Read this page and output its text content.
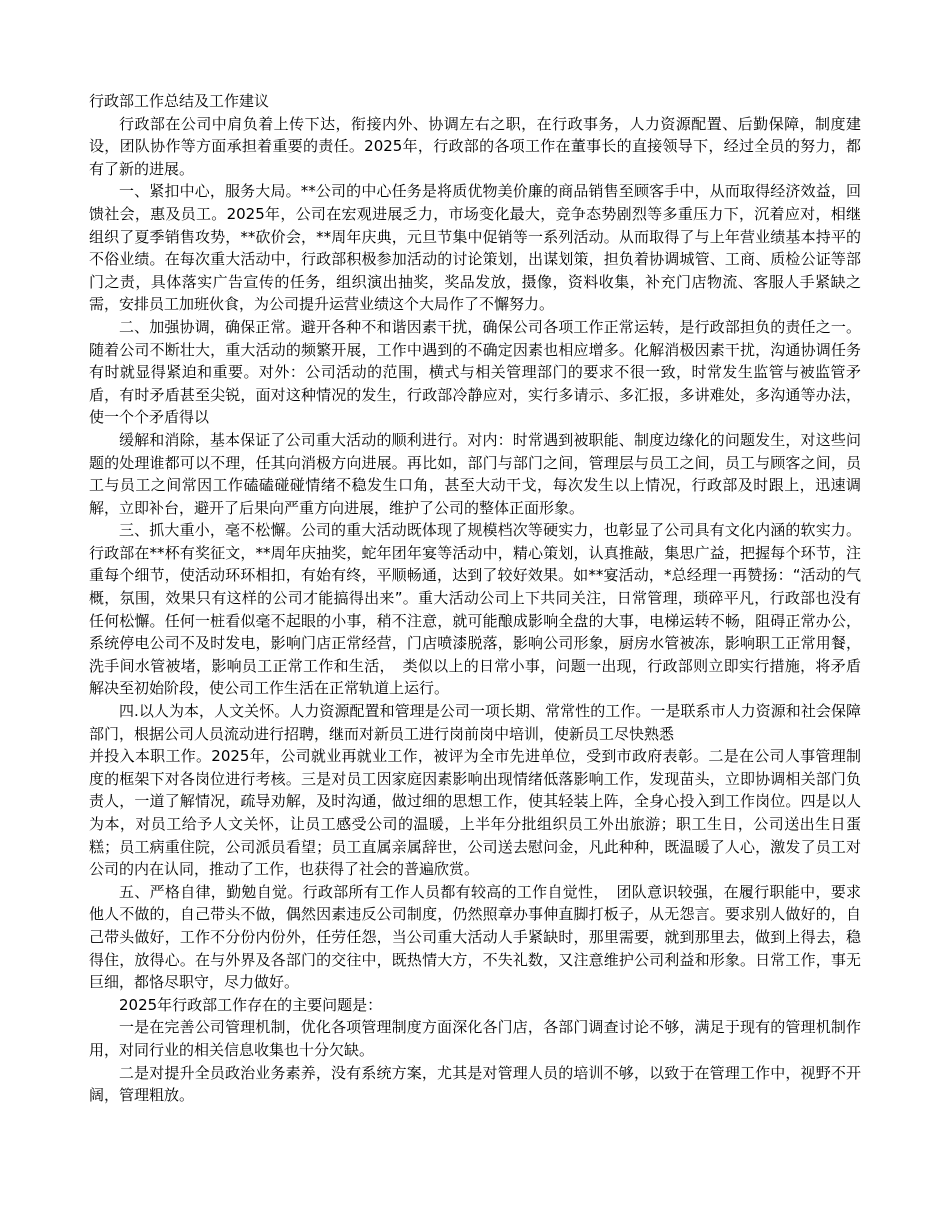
行政部工作总结及工作建议

行政部在公司中肩负着上传下达，衔接内外、协调左右之职，在行政事务，人力资源配置、后勤保障，制度建设，团队协作等方面承担着重要的责任。2025年，行政部的各项工作在董事长的直接领导下，经过全员的努力，都有了新的进展。

一、紧扣中心，服务大局。**公司的中心任务是将质优物美价廉的商品销售至顾客手中，从而取得经济效益，回馈社会，惠及员工。2025年，公司在宏观进展乏力，市场变化最大，竞争态势剧烈等多重压力下，沉着应对，相继组织了夏季销售攻势，**砍价会，**周年庆典，元旦节集中促销等一系列活动。从而取得了与上年营业绩基本持平的不俗业绩。在每次重大活动中，行政部积极参加活动的讨论策划，出谋划策，担负着协调城管、工商、质检公证等部门之责，具体落实广告宣传的任务，组织演出抽奖，奖品发放，摄像，资料收集，补充门店物流、客服人手紧缺之需，安排员工加班伙食，为公司提升运营业绩这个大局作了不懈努力。

二、加强协调，确保正常。避开各种不和谐因素干扰，确保公司各项工作正常运转，是行政部担负的责任之一。随着公司不断壮大，重大活动的频繁开展，工作中遇到的不确定因素也相应增多。化解消极因素干扰，沟通协调任务有时就显得紧迫和重要。对外：公司活动的范围，横式与相关管理部门的要求不很一致，时常发生监管与被监管矛盾，有时矛盾甚至尖锐，面对这种情况的发生，行政部冷静应对，实行多请示、多汇报，多讲难处，多沟通等办法，使一个个矛盾得以

缓解和消除，基本保证了公司重大活动的顺利进行。对内：时常遇到被职能、制度边缘化的问题发生，对这些问题的处理谁都可以不理，任其向消极方向进展。再比如，部门与部门之间，管理层与员工之间，员工与顾客之间，员工与员工之间常因工作磕磕碰碰情绪不稳发生口角，甚至大动干戈，每次发生以上情况，行政部及时跟上，迅速调解，立即补台，避开了后果向严重方向进展，维护了公司的整体正面形象。

三、抓大重小，毫不松懈。公司的重大活动既体现了规模档次等硬实力，也彰显了公司具有文化内涵的软实力。行政部在**杯有奖征文，**周年庆抽奖，蛇年团年宴等活动中，精心策划，认真推敲，集思广益，把握每个环节，注重每个细节，使活动环环相扣，有始有终，平顺畅通，达到了较好效果。如**宴活动，*总经理一再赞扬：“活动的气概，氛围，效果只有这样的公司才能搞得出来”。重大活动公司上下共同关注，日常管理，琐碎平凡，行政部也没有任何松懈。任何一桩看似毫不起眼的小事，稍不注意，就可能酿成影响全盘的大事，电梯运转不畅，阻碍正常办公，系统停电公司不及时发电，影响门店正常经营，门店喷漆脱落，影响公司形象，厨房水管被冻，影响职工正常用餐，洗手间水管被堵，影响员工正常工作和生活，　类似以上的日常小事，问题一出现，行政部则立即实行措施，将矛盾解决至初始阶段，使公司工作生活在正常轨道上运行。

四.以人为本，人文关怀。人力资源配置和管理是公司一项长期、常常性的工作。一是联系市人力资源和社会保障部门，根据公司人员流动进行招聘，继而对新员工进行岗前岗中培训，使新员工尽快熟悉

并投入本职工作。2025年，公司就业再就业工作，被评为全市先进单位，受到市政府表彰。二是在公司人事管理制度的框架下对各岗位进行考核。三是对员工因家庭因素影响出现情绪低落影响工作，发现苗头，立即协调相关部门负责人，一道了解情况，疏导劝解，及时沟通，做过细的思想工作，使其轻装上阵，全身心投入到工作岗位。四是以人为本，对员工给予人文关怀，让员工感受公司的温暖，上半年分批组织员工外出旅游；职工生日，公司送出生日蛋糕；员工病重住院，公司派员看望；员工直属亲属辞世，公司送去慰问金，凡此种种，既温暖了人心，激发了员工对公司的内在认同，推动了工作，也获得了社会的普遍欣赏。

五、严格自律，勤勉自觉。行政部所有工作人员都有较高的工作自觉性，　团队意识较强，在履行职能中，要求他人不做的，自己带头不做，偶然因素违反公司制度，仍然照章办事伸直脚打板子，从无怨言。要求别人做好的，自己带头做好，工作不分份内份外，任劳任怨，当公司重大活动人手紧缺时，那里需要，就到那里去，做到上得去，稳得住，放得心。在与外界及各部门的交往中，既热情大方，不失礼数，又注意维护公司利益和形象。日常工作，事无巨细，都恪尽职守，尽力做好。

2025年行政部工作存在的主要问题是：

一是在完善公司管理机制，优化各项管理制度方面深化各门店，各部门调查讨论不够，满足于现有的管理机制作用，对同行业的相关信息收集也十分欠缺。

二是对提升全员政治业务素养，没有系统方案，尤其是对管理人员的培训不够，以致于在管理工作中，视野不开阔，管理粗放。
